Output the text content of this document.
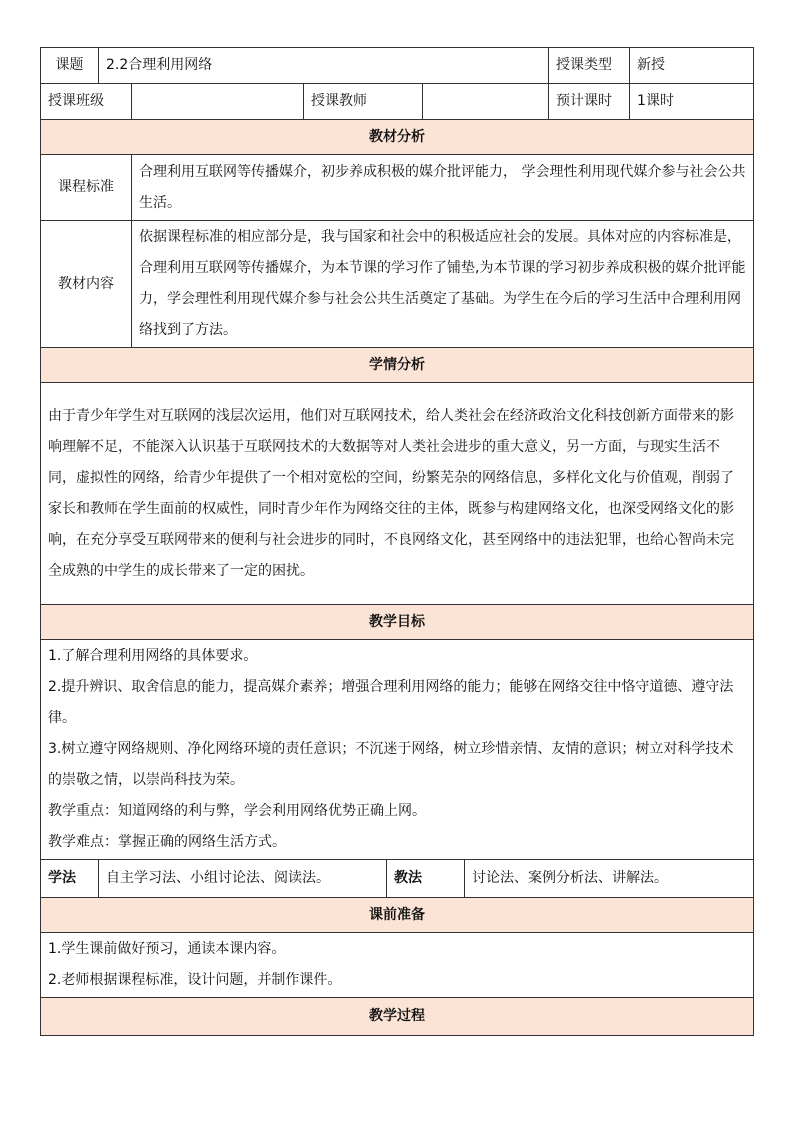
课题	2.2合理利用网络						授课类型	新授
授课班级			授课教师				预计课时	1课时
教材分析								
课程标准		合理利用互联网等传播媒介，初步养成积极的媒介批评能力， 学会理性利用现代媒介参与社会公共生活。						
教材内容		依据课程标准的相应部分是，我与国家和社会中的积极适应社会的发展。具体对应的内容标准是，合理利用互联网等传播媒介，为本节课的学习作了铺垫,为本节课的学习初步养成积极的媒介批评能力，学会理性利用现代媒介参与社会公共生活奠定了基础。为学生在今后的学习生活中合理利用网络找到了方法。						
学情分析								
由于青少年学生对互联网的浅层次运用，他们对互联网技术，给人类社会在经济政治文化科技创新方面带来的影响理解不足，不能深入认识基于互联网技术的大数据等对人类社会进步的重大意义，另一方面，与现实生活不同，虚拟性的网络，给青少年提供了一个相对宽松的空间，纷繁芜杂的网络信息，多样化文化与价值观，削弱了家长和教师在学生面前的权威性，同时青少年作为网络交往的主体，既参与构建网络文化，也深受网络文化的影响，在充分享受互联网带来的便利与社会进步的同时，不良网络文化，甚至网络中的违法犯罪，也给心智尚未完全成熟的中学生的成长带来了一定的困扰。								
教学目标								

1.了解合理利用网络的具体要求。

2.提升辨识、取舍信息的能力，提高媒介素养；增强合理利用网络的能力；能够在网络交往中恪守道德、遵守法律。

3.树立遵守网络规则、净化网络环境的责任意识；不沉迷于网络，树立珍惜亲情、友情的意识；树立对科学技术的崇敬之情，以崇尚科技为荣。

教学重点：知道网络的利与弊，学会利用网络优势正确上网。

教学难点：掌握正确的网络生活方式。								

学法	自主学习法、小组讨论法、阅读法。			教法		讨论法、案例分析法、讲解法。		
课前准备								

1.学生课前做好预习，通读本课内容。

2.老师根据课程标准，设计问题，并制作课件。								

教学过程								
